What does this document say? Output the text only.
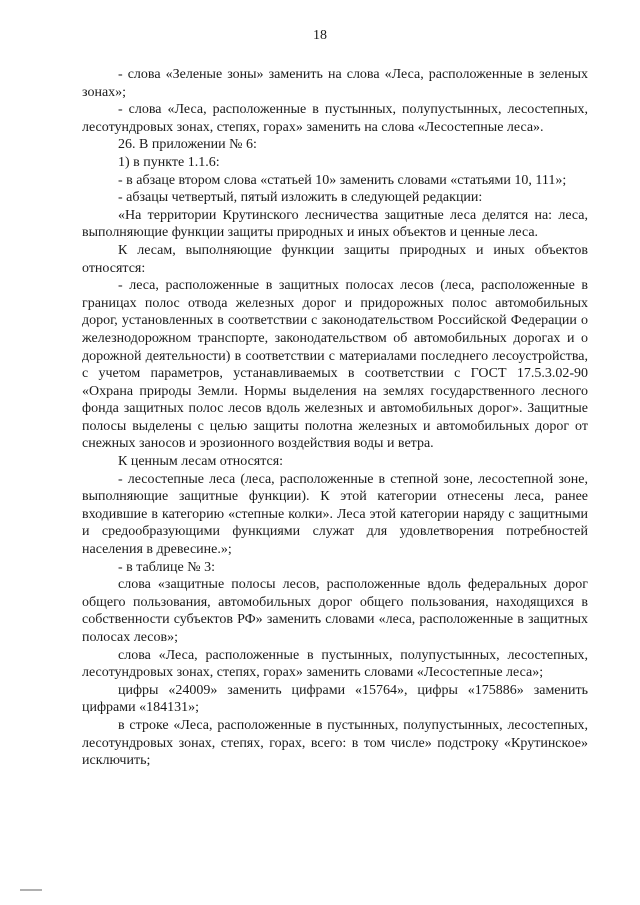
18

- слова «Зеленые зоны» заменить на слова «Леса, расположенные в зеленых зонах»;

- слова «Леса, расположенные в пустынных, полупустынных, лесостепных, лесотундровых зонах, степях, горах» заменить на слова «Лесостепные леса».

26. В приложении № 6:

1) в пункте 1.1.6:

- в абзаце втором слова «статьей 10» заменить словами «статьями 10, 111»;

- абзацы четвертый, пятый изложить в следующей редакции:

«На территории Крутинского лесничества защитные леса делятся на: леса, выполняющие функции защиты природных и иных объектов и ценные леса.

К лесам, выполняющие функции защиты природных и иных объектов относятся:

- леса, расположенные в защитных полосах лесов (леса, расположенные в границах полос отвода железных дорог и придорожных полос автомобильных дорог, установленных в соответствии с законодательством Российской Федерации о железнодорожном транспорте, законодательством об автомобильных дорогах и о дорожной деятельности) в соответствии с материалами последнего лесоустройства, с учетом параметров, устанавливаемых в соответствии с ГОСТ 17.5.3.02-90 «Охрана природы Земли. Нормы выделения на землях государственного лесного фонда защитных полос лесов вдоль железных и автомобильных дорог». Защитные полосы выделены с целью защиты полотна железных и автомобильных дорог от снежных заносов и эрозионного воздействия воды и ветра.

К ценным лесам относятся:

- лесостепные леса (леса, расположенные в степной зоне, лесостепной зоне, выполняющие защитные функции). К этой категории отнесены леса, ранее входившие в категорию «степные колки». Леса этой категории наряду с защитными и средообразующими функциями служат для удовлетворения потребностей населения в древесине.»;

- в таблице № 3:

слова «защитные полосы лесов, расположенные вдоль федеральных дорог общего пользования, автомобильных дорог общего пользования, находящихся в собственности субъектов РФ» заменить словами «леса, расположенные в защитных полосах лесов»;

слова «Леса, расположенные в пустынных, полупустынных, лесостепных, лесотундровых зонах, степях, горах» заменить словами «Лесостепные леса»;

цифры «24009» заменить цифрами «15764», цифры «175886» заменить цифрами «184131»;

в строке «Леса, расположенные в пустынных, полупустынных, лесостепных, лесотундровых зонах, степях, горах, всего: в том числе» подстроку «Крутинское» исключить;
